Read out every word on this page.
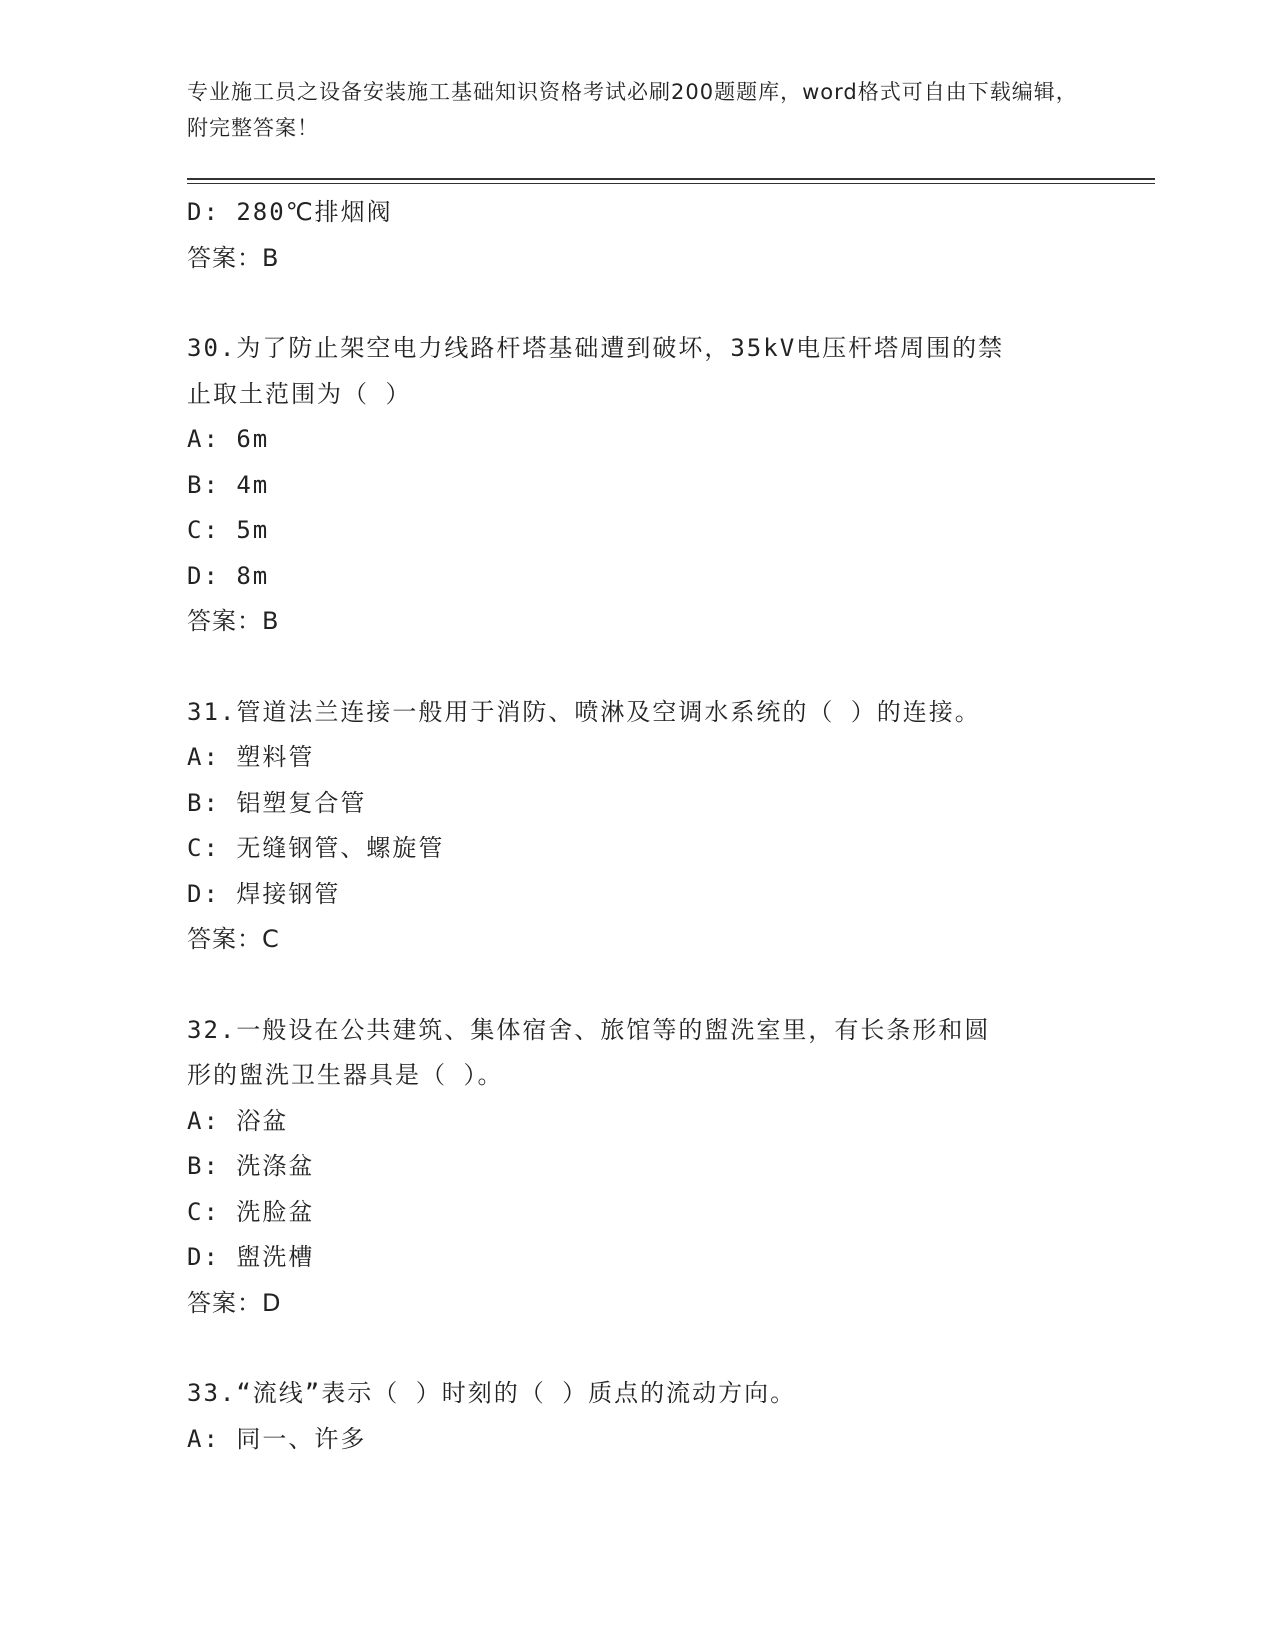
专业施工员之设备安装施工基础知识资格考试必刷200题题库，word格式可自由下载编辑，附完整答案！
D: 280℃排烟阀
答案：B
30.为了防止架空电力线路杆塔基础遭到破坏，35kV电压杆塔周围的禁
止取土范围为（ ）
A: 6m
B: 4m
C: 5m
D: 8m
答案：B
31.管道法兰连接一般用于消防、喷淋及空调水系统的（ ）的连接。
A: 塑料管
B: 铝塑复合管
C: 无缝钢管、螺旋管
D: 焊接钢管
答案：C
32.一般设在公共建筑、集体宿舍、旅馆等的盥洗室里，有长条形和圆
形的盥洗卫生器具是（ ）。
A: 浴盆
B: 洗涤盆
C: 洗脸盆
D: 盥洗槽
答案：D
33.“流线”表示（ ）时刻的（ ）质点的流动方向。
A: 同一、许多
